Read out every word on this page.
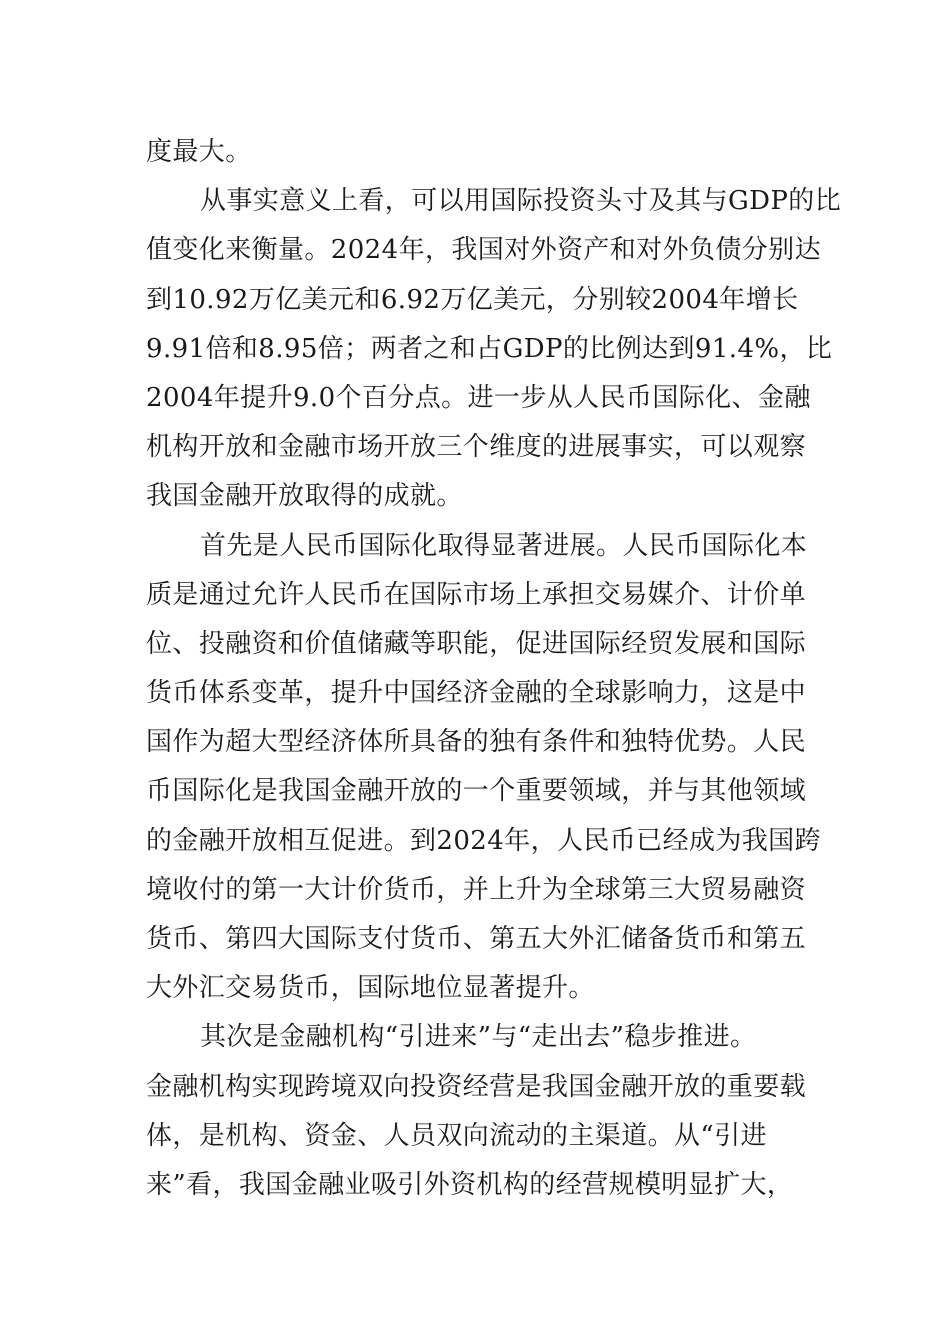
度最大。
从事实意义上看，可以用国际投资头寸及其与GDP的比
值变化来衡量。2024年，我国对外资产和对外负债分别达
到10.92万亿美元和6.92万亿美元，分别较2004年增长
9.91倍和8.95倍；两者之和占GDP的比例达到91.4%，比
2004年提升9.0个百分点。进一步从人民币国际化、金融
机构开放和金融市场开放三个维度的进展事实，可以观察
我国金融开放取得的成就。
首先是人民币国际化取得显著进展。人民币国际化本
质是通过允许人民币在国际市场上承担交易媒介、计价单
位、投融资和价值储藏等职能，促进国际经贸发展和国际
货币体系变革，提升中国经济金融的全球影响力，这是中
国作为超大型经济体所具备的独有条件和独特优势。人民
币国际化是我国金融开放的一个重要领域，并与其他领域
的金融开放相互促进。到2024年，人民币已经成为我国跨
境收付的第一大计价货币，并上升为全球第三大贸易融资
货币、第四大国际支付货币、第五大外汇储备货币和第五
大外汇交易货币，国际地位显著提升。
其次是金融机构“引进来”与“走出去”稳步推进。
金融机构实现跨境双向投资经营是我国金融开放的重要载
体，是机构、资金、人员双向流动的主渠道。从“引进
来”看，我国金融业吸引外资机构的经营规模明显扩大，
